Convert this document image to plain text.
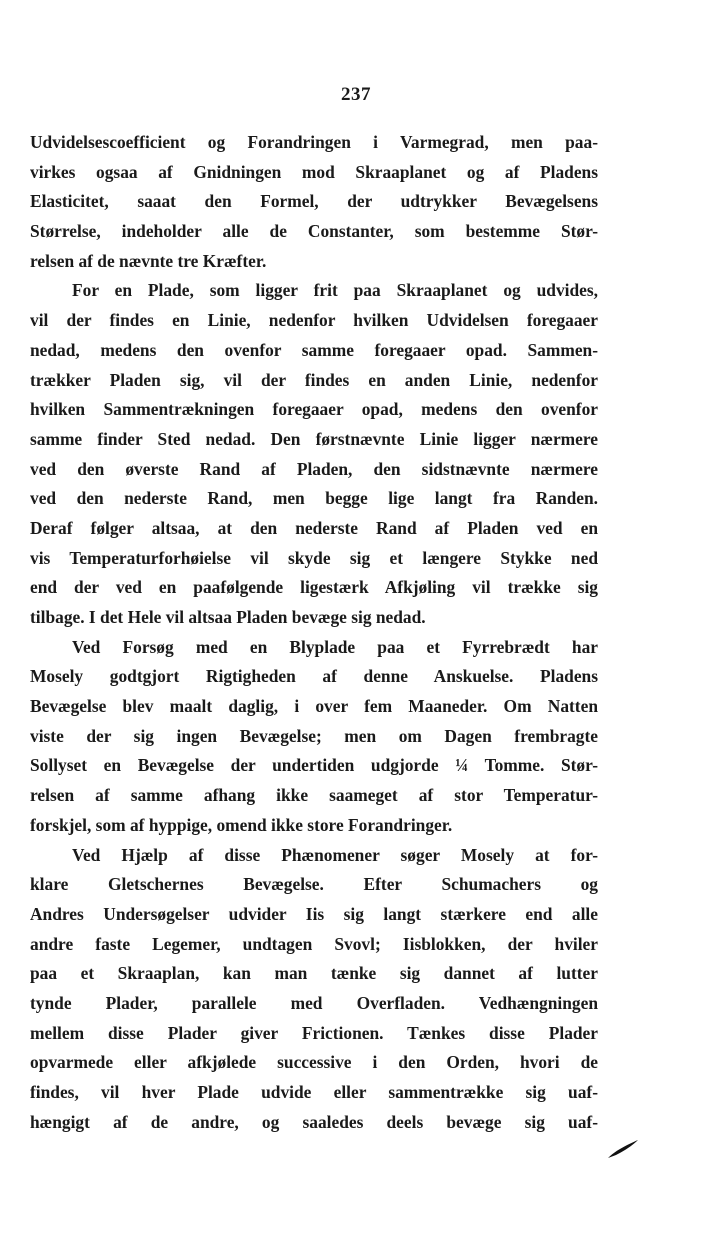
237
Udvidelsescoefficient og Forandringen i Varmegrad, men paa-
virkes ogsaa af Gnidningen mod Skraaplanet og af Pladens
Elasticitet, saaat den Formel, der udtrykker Bevægelsens
Størrelse, indeholder alle de Constanter, som bestemme Stør-
relsen af de nævnte tre Kræfter.
For en Plade, som ligger frit paa Skraaplanet og udvides,
vil der findes en Linie, nedenfor hvilken Udvidelsen foregaaer
nedad, medens den ovenfor samme foregaaer opad. Sammen-
trækker Pladen sig, vil der findes en anden Linie, nedenfor
hvilken Sammentrækningen foregaaer opad, medens den ovenfor
samme finder Sted nedad. Den førstnævnte Linie ligger nærmere
ved den øverste Rand af Pladen, den sidstnævnte nærmere
ved den nederste Rand, men begge lige langt fra Randen.
Deraf følger altsaa, at den nederste Rand af Pladen ved en
vis Temperaturforhøielse vil skyde sig et længere Stykke ned
end der ved en paafølgende ligestærk Afkjøling vil trække sig
tilbage. I det Hele vil altsaa Pladen bevæge sig nedad.
Ved Forsøg med en Blyplade paa et Fyrrebrædt har
Mosely godtgjort Rigtigheden af denne Anskuelse. Pladens
Bevægelse blev maalt daglig, i over fem Maaneder. Om Natten
viste der sig ingen Bevægelse; men om Dagen frembragte
Sollyset en Bevægelse der undertiden udgjorde ¼ Tomme. Stør-
relsen af samme afhang ikke saameget af stor Temperatur-
forskjel, som af hyppige, omend ikke store Forandringer.
Ved Hjælp af disse Phænomener søger Mosely at for-
klare Gletschernes Bevægelse. Efter Schumachers og
Andres Undersøgelser udvider Iis sig langt stærkere end alle
andre faste Legemer, undtagen Svovl; Iisblokken, der hviler
paa et Skraaplan, kan man tænke sig dannet af lutter
tynde Plader, parallele med Overfladen. Vedhængningen
mellem disse Plader giver Frictionen. Tænkes disse Plader
opvarmede eller afkjølede successive i den Orden, hvori de
findes, vil hver Plade udvide eller sammentrække sig uaf-
hængigt af de andre, og saaledes deels bevæge sig uaf-
